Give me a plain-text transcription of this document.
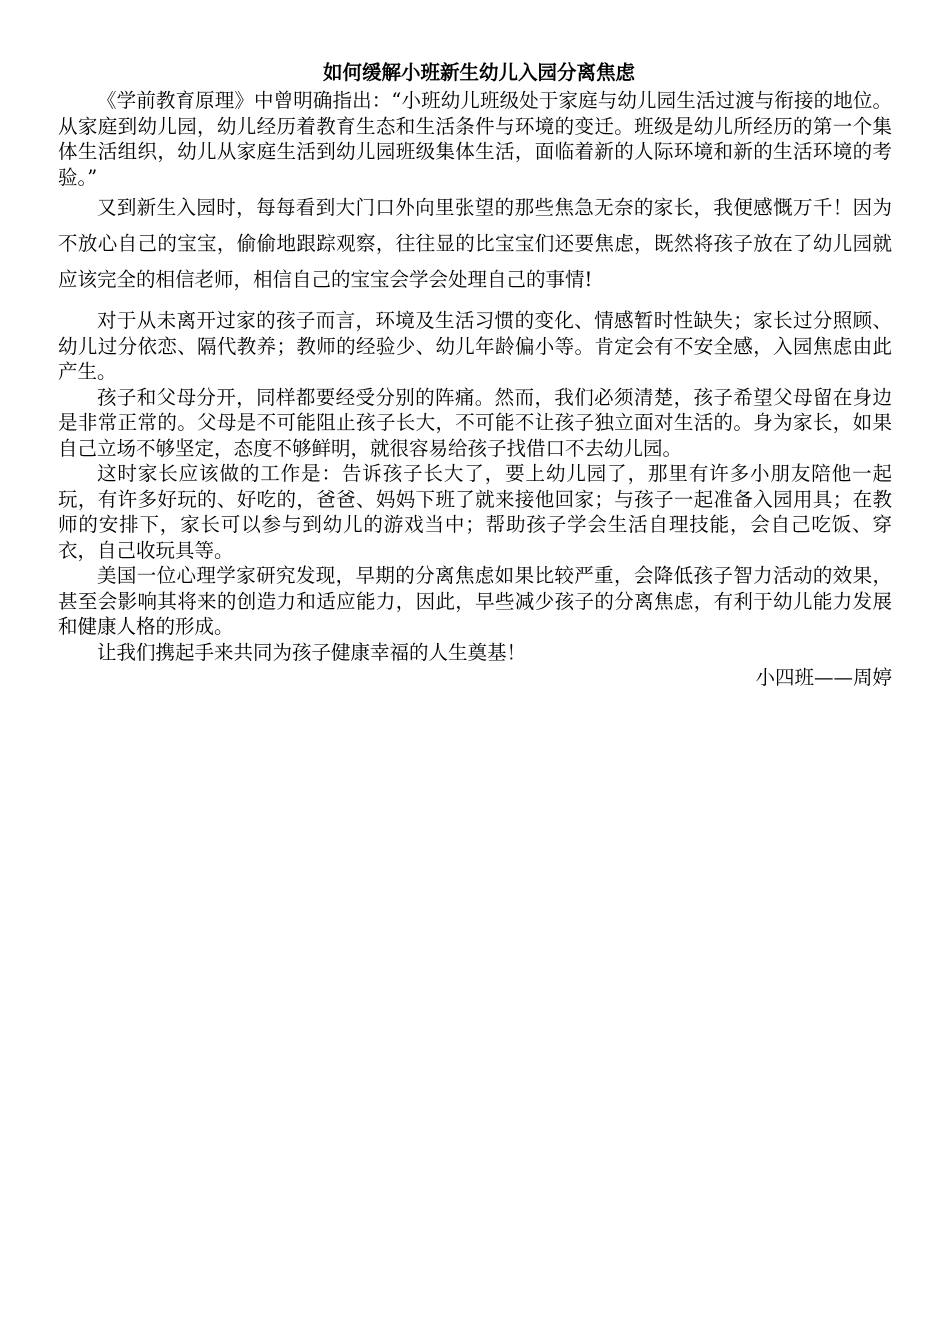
如何缓解小班新生幼儿入园分离焦虑

《学前教育原理》中曾明确指出：“小班幼儿班级处于家庭与幼儿园生活过渡与衔接的地位。从家庭到幼儿园，幼儿经历着教育生态和生活条件与环境的变迁。班级是幼儿所经历的第一个集体生活组织，幼儿从家庭生活到幼儿园班级集体生活，面临着新的人际环境和新的生活环境的考验。”

又到新生入园时，每每看到大门口外向里张望的那些焦急无奈的家长，我便感慨万千！因为不放心自己的宝宝，偷偷地跟踪观察，往往显的比宝宝们还要焦虑，既然将孩子放在了幼儿园就应该完全的相信老师，相信自己的宝宝会学会处理自己的事情!

对于从未离开过家的孩子而言，环境及生活习惯的变化、情感暂时性缺失；家长过分照顾、幼儿过分依恋、隔代教养；教师的经验少、幼儿年龄偏小等。肯定会有不安全感，入园焦虑由此产生。

孩子和父母分开，同样都要经受分别的阵痛。然而，我们必须清楚，孩子希望父母留在身边是非常正常的。父母是不可能阻止孩子长大，不可能不让孩子独立面对生活的。身为家长，如果自己立场不够坚定，态度不够鲜明，就很容易给孩子找借口不去幼儿园。

这时家长应该做的工作是：告诉孩子长大了，要上幼儿园了，那里有许多小朋友陪他一起玩，有许多好玩的、好吃的，爸爸、妈妈下班了就来接他回家；与孩子一起准备入园用具；在教师的安排下，家长可以参与到幼儿的游戏当中；帮助孩子学会生活自理技能，会自己吃饭、穿衣，自己收玩具等。

美国一位心理学家研究发现，早期的分离焦虑如果比较严重，会降低孩子智力活动的效果，甚至会影响其将来的创造力和适应能力，因此，早些减少孩子的分离焦虑，有利于幼儿能力发展和健康人格的形成。

让我们携起手来共同为孩子健康幸福的人生奠基！

小四班——周婷
